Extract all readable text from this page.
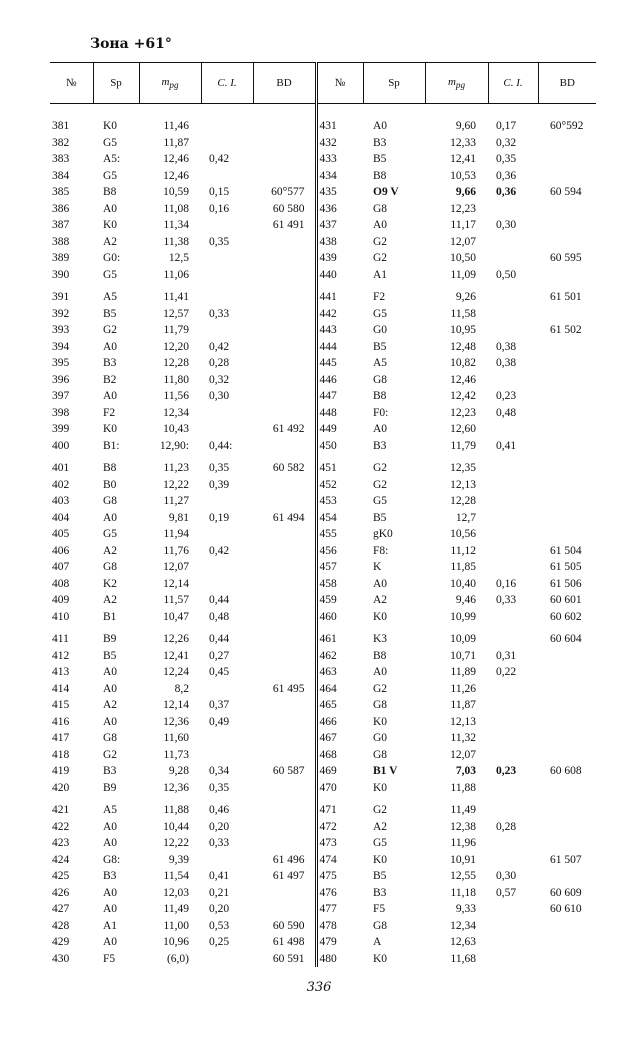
Зона +61°
№	Sp	$m_{pg}$	C. I.	BD	№	Sp	$m_{pg}$	C. I.	BD
381	K0	11,46			431	A0	9,60	0,17	60°592
382	G5	11,87			432	B3	12,33	0,32	
383	A5:	12,46	0,42		433	B5	12,41	0,35	
384	G5	12,46			434	B8	10,53	0,36	
385	B8	10,59	0,15	60°577	435	O9 V	9,66	0,36	60 594
386	A0	11,08	0,16	60 580	436	G8	12,23		
387	K0	11,34		61 491	437	A0	11,17	0,30	
388	A2	11,38	0,35		438	G2	12,07		
389	G0:	12,5			439	G2	10,50		60 595
390	G5	11,06			440	A1	11,09	0,50	
391	A5	11,41			441	F2	9,26		61 501
392	B5	12,57	0,33		442	G5	11,58		
393	G2	11,79			443	G0	10,95		61 502
394	A0	12,20	0,42		444	B5	12,48	0,38	
395	B3	12,28	0,28		445	A5	10,82	0,38	
396	B2	11,80	0,32		446	G8	12,46		
397	A0	11,56	0,30		447	B8	12,42	0,23	
398	F2	12,34			448	F0:	12,23	0,48	
399	K0	10,43		61 492	449	A0	12,60		
400	B1:	12,90:	0,44:		450	B3	11,79	0,41	
401	B8	11,23	0,35	60 582	451	G2	12,35		
402	B0	12,22	0,39		452	G2	12,13		
403	G8	11,27			453	G5	12,28		
404	A0	9,81	0,19	61 494	454	B5	12,7		
405	G5	11,94			455	gK0	10,56		
406	A2	11,76	0,42		456	F8:	11,12		61 504
407	G8	12,07			457	K	11,85		61 505
408	K2	12,14			458	A0	10,40	0,16	61 506
409	A2	11,57	0,44		459	A2	9,46	0,33	60 601
410	B1	10,47	0,48		460	K0	10,99		60 602
411	B9	12,26	0,44		461	K3	10,09		60 604
412	B5	12,41	0,27		462	B8	10,71	0,31	
413	A0	12,24	0,45		463	A0	11,89	0,22	
414	A0	8,2		61 495	464	G2	11,26		
415	A2	12,14	0,37		465	G8	11,87		
416	A0	12,36	0,49		466	K0	12,13		
417	G8	11,60			467	G0	11,32		
418	G2	11,73			468	G8	12,07		
419	B3	9,28	0,34	60 587	469	B1 V	7,03	0,23	60 608
420	B9	12,36	0,35		470	K0	11,88		
421	A5	11,88	0,46		471	G2	11,49		
422	A0	10,44	0,20		472	A2	12,38	0,28	
423	A0	12,22	0,33		473	G5	11,96		
424	G8:	9,39		61 496	474	K0	10,91		61 507
425	B3	11,54	0,41	61 497	475	B5	12,55	0,30	
426	A0	12,03	0,21		476	B3	11,18	0,57	60 609
427	A0	11,49	0,20		477	F5	9,33		60 610
428	A1	11,00	0,53	60 590	478	G8	12,34		
429	A0	10,96	0,25	61 498	479	A	12,63		
430	F5	(6,0)		60 591	480	K0	11,68		
336
